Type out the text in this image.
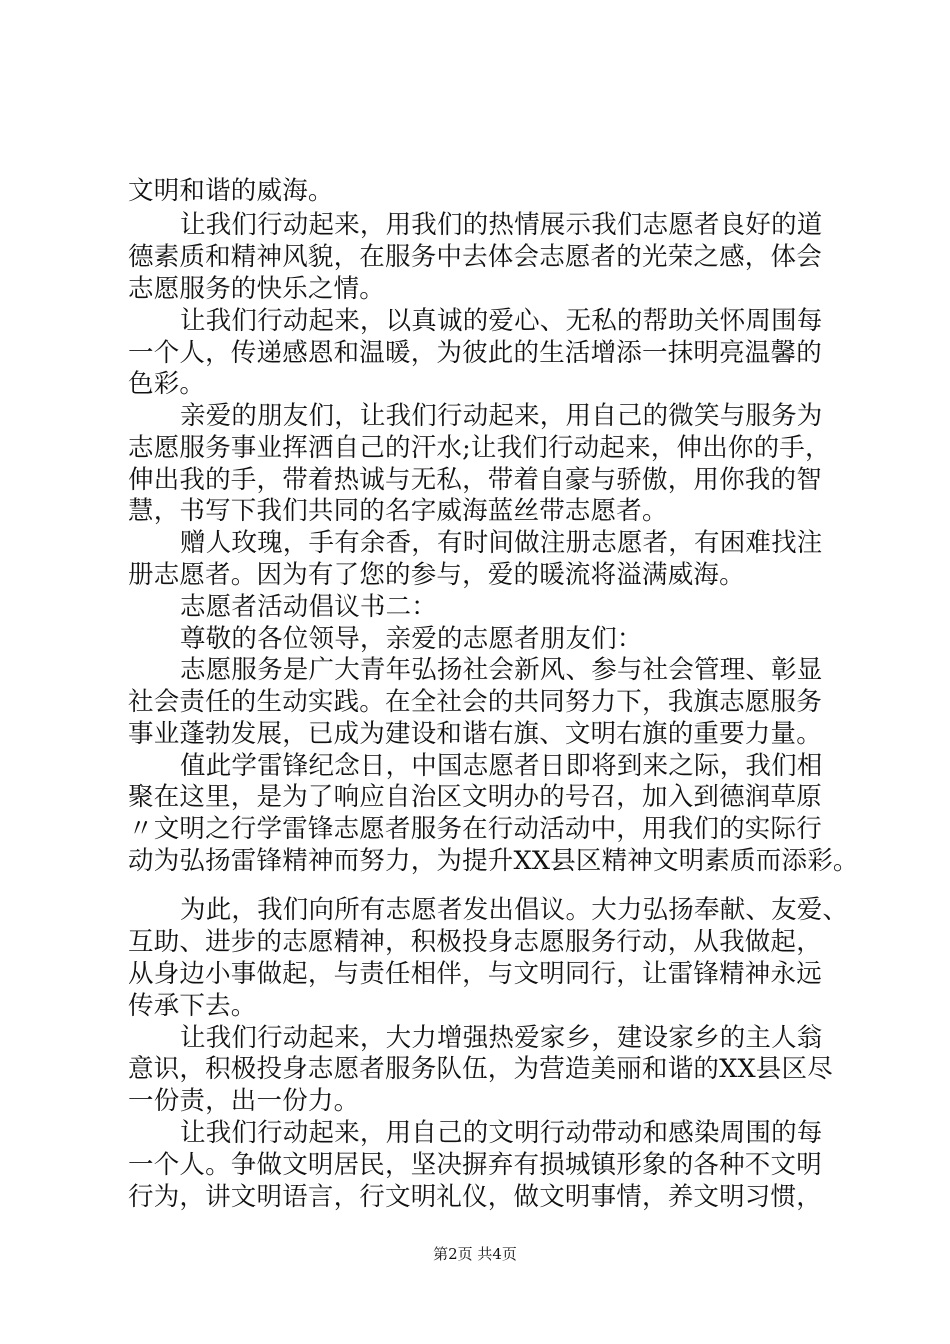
文明和谐的威海。
让我们行动起来，用我们的热情展示我们志愿者良好的道
德素质和精神风貌，在服务中去体会志愿者的光荣之感，体会
志愿服务的快乐之情。
让我们行动起来，以真诚的爱心、无私的帮助关怀周围每
一个人，传递感恩和温暖，为彼此的生活增添一抹明亮温馨的
色彩。
亲爱的朋友们，让我们行动起来，用自己的微笑与服务为
志愿服务事业挥洒自己的汗水;让我们行动起来，伸出你的手，
伸出我的手，带着热诚与无私，带着自豪与骄傲，用你我的智
慧，书写下我们共同的名字威海蓝丝带志愿者。
赠人玫瑰，手有余香，有时间做注册志愿者，有困难找注
册志愿者。因为有了您的参与，爱的暖流将溢满威海。
志愿者活动倡议书二：
尊敬的各位领导，亲爱的志愿者朋友们：
志愿服务是广大青年弘扬社会新风、参与社会管理、彰显
社会责任的生动实践。在全社会的共同努力下，我旗志愿服务
事业蓬勃发展，已成为建设和谐右旗、文明右旗的重要力量。
值此学雷锋纪念日，中国志愿者日即将到来之际，我们相
聚在这里，是为了响应自治区文明办的号召，加入到德润草原
〃文明之行学雷锋志愿者服务在行动活动中，用我们的实际行
动为弘扬雷锋精神而努力，为提升XX县区精神文明素质而添彩。
为此，我们向所有志愿者发出倡议。大力弘扬奉献、友爱、
互助、进步的志愿精神，积极投身志愿服务行动，从我做起，
从身边小事做起，与责任相伴，与文明同行，让雷锋精神永远
传承下去。
让我们行动起来，大力增强热爱家乡，建设家乡的主人翁
意识，积极投身志愿者服务队伍，为营造美丽和谐的XX县区尽
一份责，出一份力。
让我们行动起来，用自己的文明行动带动和感染周围的每
一个人。争做文明居民，坚决摒弃有损城镇形象的各种不文明
行为，讲文明语言，行文明礼仪，做文明事情，养文明习惯，
第2页 共4页
